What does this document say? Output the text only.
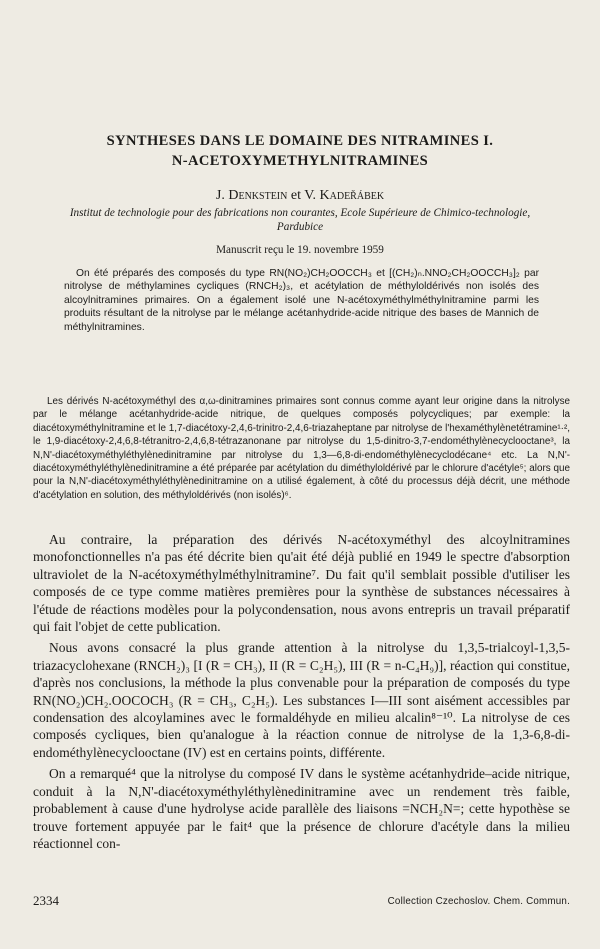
SYNTHESES DANS LE DOMAINE DES NITRAMINES I.
N-ACETOXYMETHYLNITRAMINES

J. Denkstein et V. Kadeřábek

Institut de technologie pour des fabrications non courantes, Ecole Supérieure de Chimico-technologie,
Pardubice

Manuscrit reçu le 19. novembre 1959

On été préparés des composés du type RN(NO₂)CH₂OOCCH₃ et [(CH₂)ₙ.NNO₂CH₂OOCCH₃]₂ par nitrolyse de méthylamines cycliques (RNCH₂)₃, et acétylation de méthyloldérivés non isolés des alcoylnitramines primaires. On a également isolé une N-acétoxyméthylméthylnitramine parmi les produits résultant de la nitrolyse par le mélange acétanhydride-acide nitrique des bases de Mannich de méthylnitramines.

Les dérivés N-acétoxyméthyl des α,ω-dinitramines primaires sont connus comme ayant leur origine dans la nitrolyse par le mélange acétanhydride-acide nitrique, de quelques composés polycycliques; par exemple: la diacétoxyméthylnitramine et le 1,7-diacétoxy-2,4,6-trinitro-2,4,6-triazaheptane par nitrolyse de l'hexaméthylènetétramine¹·², le 1,9-diacétoxy-2,4,6,8-tétranitro-2,4,6,8-tétrazanonane par nitrolyse du 1,5-dinitro-3,7-endométhylènecyclooctane³, la N,N'-diacétoxyméthyléthylènedinitramine par nitrolyse du 1,3—6,8-di-endométhylènecyclodécane⁴ etc. La N,N'-diacétoxyméthyléthylènedinitramine a été préparée par acétylation du diméthyloldérivé par le chlorure d'acétyle⁵; alors que pour la N,N'-diacétoxyméthyléthylènedinitramine on a utilisé également, à côté du processus déjà décrit, une méthode d'acétylation en solution, des méthyloldérivés (non isolés)⁶.

Au contraire, la préparation des dérivés N-acétoxyméthyl des alcoylnitramines monofonctionnelles n'a pas été décrite bien qu'ait été déjà publié en 1949 le spectre d'absorption ultraviolet de la N-acétoxyméthylméthylnitramine⁷. Du fait qu'il semblait possible d'utiliser les composés de ce type comme matières premières pour la synthèse de substances nécessaires à l'étude de réactions modèles pour la polycondensation, nous avons entrepris un travail préparatif qui fait l'objet de cette publication.

Nous avons consacré la plus grande attention à la nitrolyse du 1,3,5-trialcoyl-1,3,5-triazacyclohexane (RNCH₂)₃ [I (R = CH₃), II (R = C₂H₅), III (R = n-C₄H₉)], réaction qui constitue, d'après nos conclusions, la méthode la plus convenable pour la préparation de composés du type RN(NO₂)CH₂.OOCOCH₃ (R = CH₃, C₂H₅). Les substances I—III sont aisément accessibles par condensation des alcoylamines avec le formaldéhyde en milieu alcalin⁸⁻¹⁰. La nitrolyse de ces composés cycliques, bien qu'analogue à la réaction connue de nitrolyse de la 1,3-6,8-di-endométhylènecyclooctane (IV) est en certains points, différente.

On a remarqué⁴ que la nitrolyse du composé IV dans le système acétanhydride–acide nitrique, conduit à la N,N'-diacétoxyméthyléthylènedinitramine avec un rendement très faible, probablement à cause d'une hydrolyse acide parallèle des liaisons =NCH₂N=; cette hypothèse se trouve fortement appuyée par le fait⁴ que la présence de chlorure d'acétyle dans la milieu réactionnel con-

2334	Collection Czechoslov. Chem. Commun.
